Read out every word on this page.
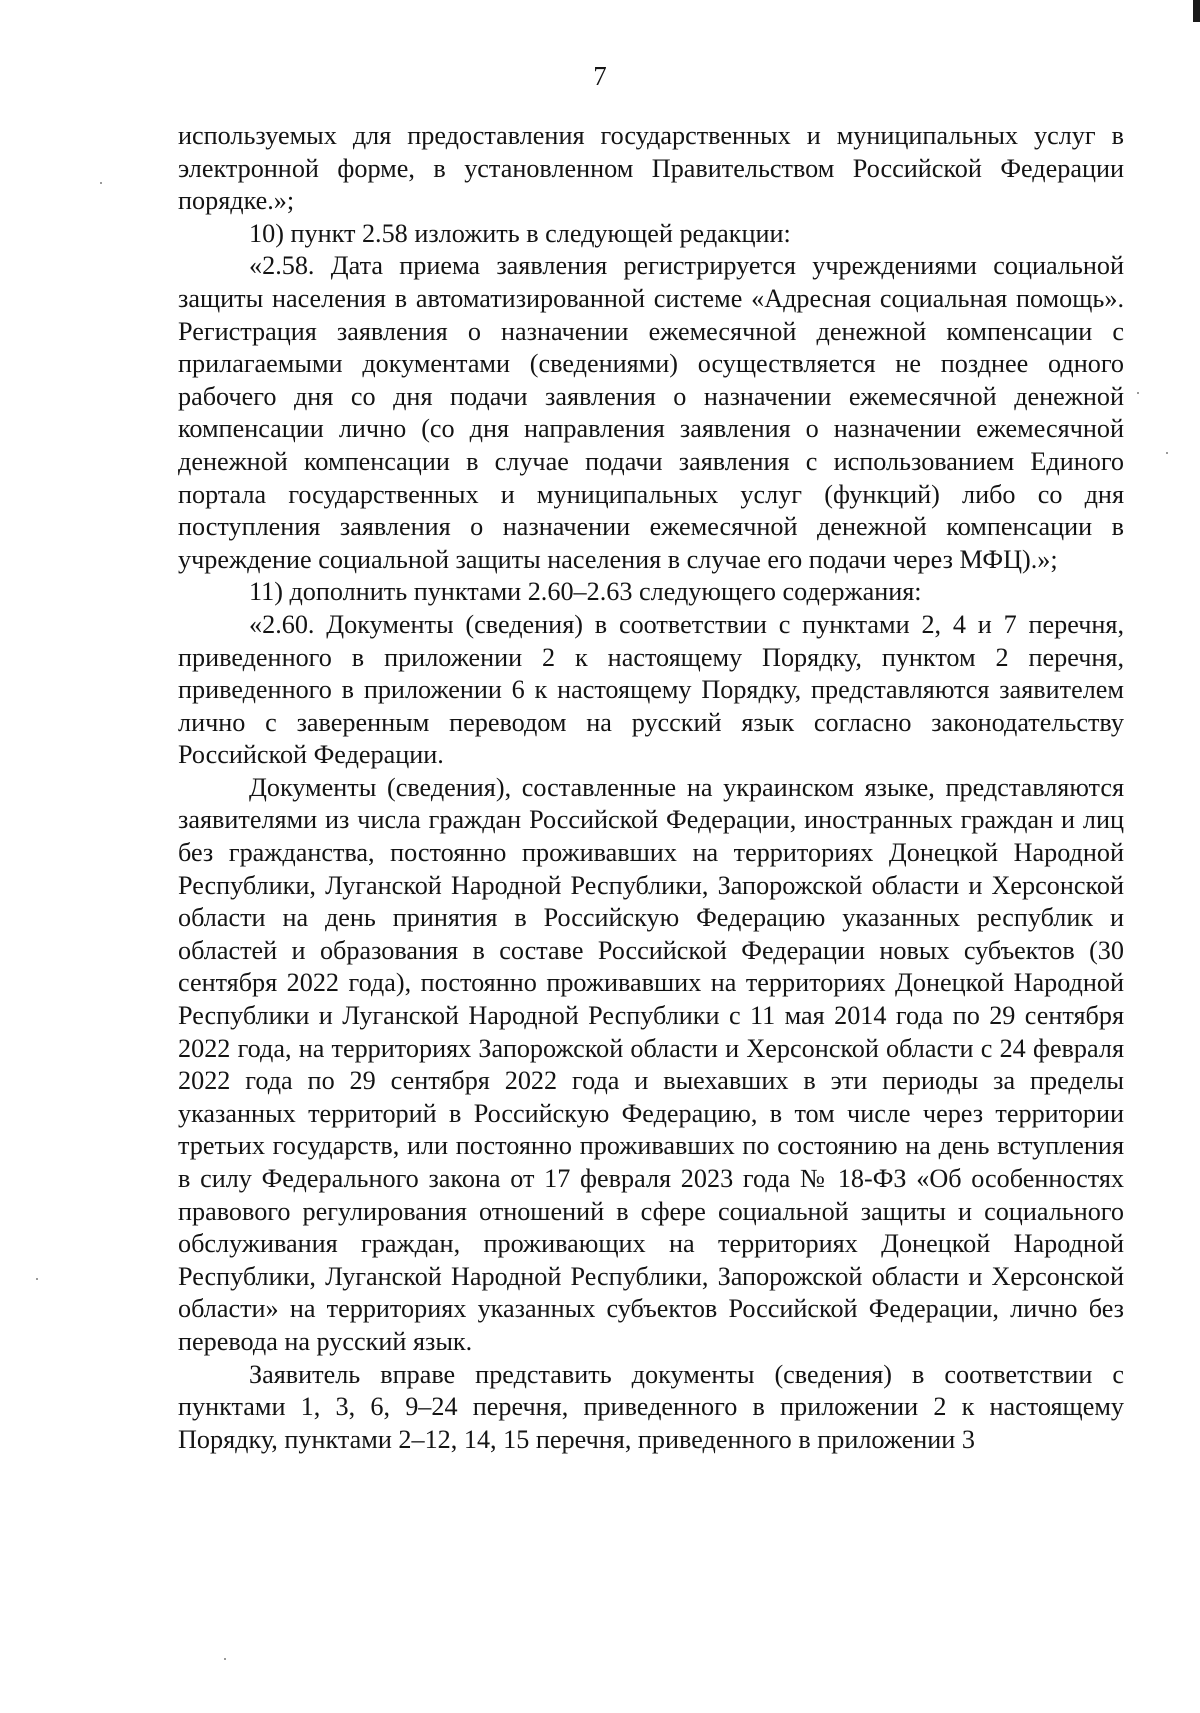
7

используемых для предоставления государственных и муниципальных услуг в электронной форме, в установленном Правительством Российской Федерации порядке.»;

10) пункт 2.58 изложить в следующей редакции:

«2.58. Дата приема заявления регистрируется учреждениями социальной защиты населения в автоматизированной системе «Адресная социальная помощь». Регистрация заявления о назначении ежемесячной денежной компенсации с прилагаемыми документами (сведениями) осуществляется не позднее одного рабочего дня со дня подачи заявления о назначении ежемесячной денежной компенсации лично (со дня направления заявления о назначении ежемесячной денежной компенсации в случае подачи заявления с использованием Единого портала государственных и муниципальных услуг (функций) либо со дня поступления заявления о назначении ежемесячной денежной компенсации в учреждение социальной защиты населения в случае его подачи через МФЦ).»;

11) дополнить пунктами 2.60–2.63 следующего содержания:

«2.60. Документы (сведения) в соответствии с пунктами 2, 4 и 7 перечня, приведенного в приложении 2 к настоящему Порядку, пунктом 2 перечня, приведенного в приложении 6 к настоящему Порядку, представляются заявителем лично с заверенным переводом на русский язык согласно законодательству Российской Федерации.

Документы (сведения), составленные на украинском языке, представляются заявителями из числа граждан Российской Федерации, иностранных граждан и лиц без гражданства, постоянно проживавших на территориях Донецкой Народной Республики, Луганской Народной Республики, Запорожской области и Херсонской области на день принятия в Российскую Федерацию указанных республик и областей и образования в составе Российской Федерации новых субъектов (30 сентября 2022 года), постоянно проживавших на территориях Донецкой Народной Республики и Луганской Народной Республики с 11 мая 2014 года по 29 сентября 2022 года, на территориях Запорожской области и Херсонской области с 24 февраля 2022 года по 29 сентября 2022 года и выехавших в эти периоды за пределы указанных территорий в Российскую Федерацию, в том числе через территории третьих государств, или постоянно проживавших по состоянию на день вступления в силу Федерального закона от 17 февраля 2023 года № 18-ФЗ «Об особенностях правового регулирования отношений в сфере социальной защиты и социального обслуживания граждан, проживающих на территориях Донецкой Народной Республики, Луганской Народной Республики, Запорожской области и Херсонской области» на территориях указанных субъектов Российской Федерации, лично без перевода на русский язык.

Заявитель вправе представить документы (сведения) в соответствии с пунктами 1, 3, 6, 9–24 перечня, приведенного в приложении 2 к настоящему Порядку, пунктами 2–12, 14, 15 перечня, приведенного в приложении 3
